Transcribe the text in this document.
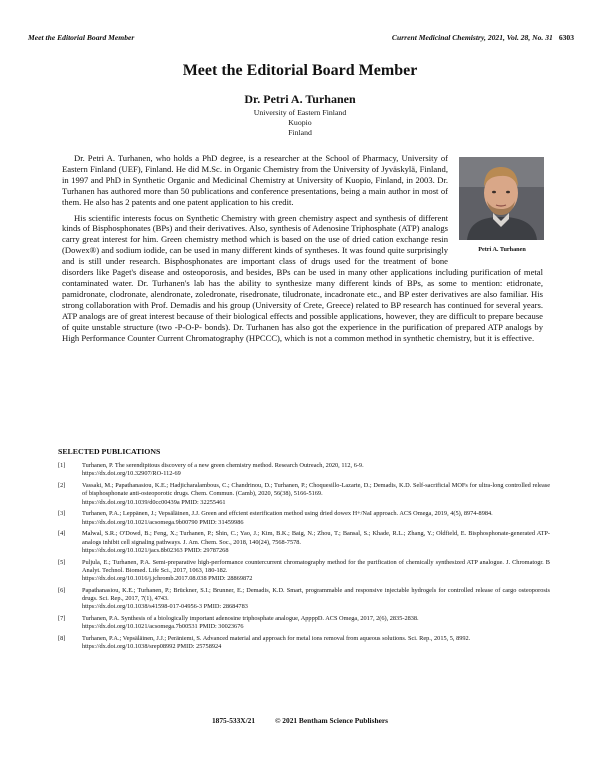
Meet the Editorial Board Member	Current Medicinal Chemistry, 2021, Vol. 28, No. 31 6303
Meet the Editorial Board Member
Dr. Petri A. Turhanen
University of Eastern Finland
Kuopio
Finland
Petri A. Turhanen

Dr. Petri A. Turhanen, who holds a PhD degree, is a researcher at the School of Pharmacy, University of Eastern Finland (UEF), Finland. He did M.Sc. in Organic Chemistry from the University of Jyväskylä, Finland, in 1997 and PhD in Synthetic Organic and Medicinal Chemistry at University of Kuopio, Finland, in 2003. Dr. Turhanen has authored more than 50 publications and conference presentations, being a main author in most of them. He also has 2 patents and one patent application to his credit.

His scientific interests focus on Synthetic Chemistry with green chemistry aspect and synthesis of different kinds of Bisphosphonates (BPs) and their derivatives. Also, synthesis of Adenosine Triphosphate (ATP) analogs carry great interest for him. Green chemistry method which is based on the use of dried cation exchange resin (Dowex®) and sodium iodide, can be used in many different kinds of syntheses. It was found quite surprisingly and is still under research. Bisphosphonates are important class of drugs used for the treatment of bone disorders like Paget's disease and osteoporosis, and besides, BPs can be used in many other applications including purification of metal contaminated water. Dr. Turhanen's lab has the ability to synthesize many different kinds of BPs, as some to mention: etidronate, pamidronate, clodronate, alendronate, zoledronate, risedronate, tiludronate, incadronate etc., and BP ester derivatives are also familiar. His strong collaboration with Prof. Demadis and his group (University of Crete, Greece) related to BP research has continued for several years. ATP analogs are of great interest because of their biological effects and possible applications, however, they are difficult to prepare because of quite unstable structure (two -P-O-P- bonds). Dr. Turhanen has also got the experience in the purification of prepared ATP analogs by High Performance Counter Current Chromatography (HPCCC), which is not a common method in synthetic chemistry, but it is effective.

SELECTED PUBLICATIONS
[1]	Turhanen, P. The serendipitous discovery of a new green chemistry method. Research Outreach, 2020, 112, 6-9.
https://dx.doi.org/10.32907/RO-112-69
[2]	Vassaki, M.; Papathanasiou, K.E.; Hadjicharalambous, C.; Chandrinou, D.; Turhanen, P.; Choquesillo-Lazarte, D.; Demadis, K.D. Self-sacrificial MOFs for ultra-long controlled release of bisphosphonate anti-osteoporotic drugs. Chem. Commun. (Camb), 2020, 56(38), 5166-5169.
https://dx.doi.org/10.1039/d0cc00439a PMID: 32255461
[3]	Turhanen, P.A.; Leppänen, J.; Vepsäläinen, J.J. Green and effcient esterification method using dried dowex H+/NaI approach. ACS Omega, 2019, 4(5), 8974-8984.
https://dx.doi.org/10.1021/acsomega.9b00790 PMID: 31459986
[4]	Malwal, S.R.; O'Dowd, B.; Feng, X.; Turhanen, P.; Shin, C.; Yao, J.; Kim, B.K.; Baig, N.; Zhou, T.; Bansal, S.; Khade, R.L.; Zhang, Y.; Oldfield, E. Bisphosphonate-generated ATP-analogs inhibit cell signaling pathways. J. Am. Chem. Soc., 2018, 140(24), 7568-7578.
https://dx.doi.org/10.1021/jacs.8b02363 PMID: 29787268
[5]	Puljula, E.; Turhanen, P.A. Semi-preparative high-performance countercurrent chromatography method for the purification of chemically synthesized ATP analogue. J. Chromatogr. B Analyt. Technol. Biomed. Life Sci., 2017, 1063, 180-182.
https://dx.doi.org/10.1016/j.jchromb.2017.08.038 PMID: 28869872
[6]	Papathanasiou, K.E.; Turhanen, P.; Brückner, S.I.; Brunner, E.; Demadis, K.D. Smart, programmable and responsive injectable hydrogels for controlled release of cargo osteoporosis drugs. Sci. Rep., 2017, 7(1), 4743.
https://dx.doi.org/10.1038/s41598-017-04956-3 PMID: 28684783
[7]	Turhanen, P.A. Synthesis of a biologically important adenosine triphosphate analogue, AppppD. ACS Omega, 2017, 2(6), 2835-2838.
https://dx.doi.org/10.1021/acsomega.7b00531 PMID: 30023676
[8]	Turhanen, P.A.; Vepsäläinen, J.J.; Peräniemi, S. Advanced material and approach for metal ions removal from aqueous solutions. Sci. Rep., 2015, 5, 8992.
https://dx.doi.org/10.1038/srep08992 PMID: 25758924
1875-533X/21	© 2021 Bentham Science Publishers
